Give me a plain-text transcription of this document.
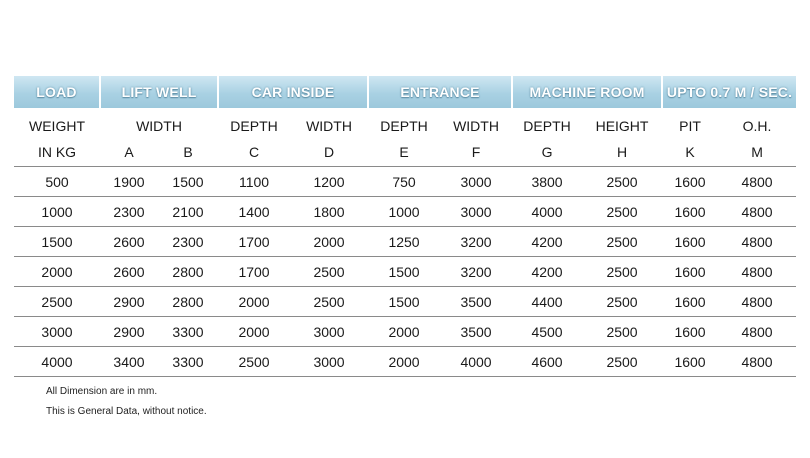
LOAD	LIFT WELL		CAR INSIDE		ENTRANCE		MACHINE ROOM		UPTO 0.7 M / SEC.	
WEIGHT	WIDTH		DEPTH	WIDTH	DEPTH	WIDTH	DEPTH	HEIGHT	PIT	O.H.
IN KG	A	B	C	D	E	F	G	H	K	M
500	1900	1500	1100	1200	750	3000	3800	2500	1600	4800
1000	2300	2100	1400	1800	1000	3000	4000	2500	1600	4800
1500	2600	2300	1700	2000	1250	3200	4200	2500	1600	4800
2000	2600	2800	1700	2500	1500	3200	4200	2500	1600	4800
2500	2900	2800	2000	2500	1500	3500	4400	2500	1600	4800
3000	2900	3300	2000	3000	2000	3500	4500	2500	1600	4800
4000	3400	3300	2500	3000	2000	4000	4600	2500	1600	4800
All Dimension are in mm.
This is General Data, without notice.
